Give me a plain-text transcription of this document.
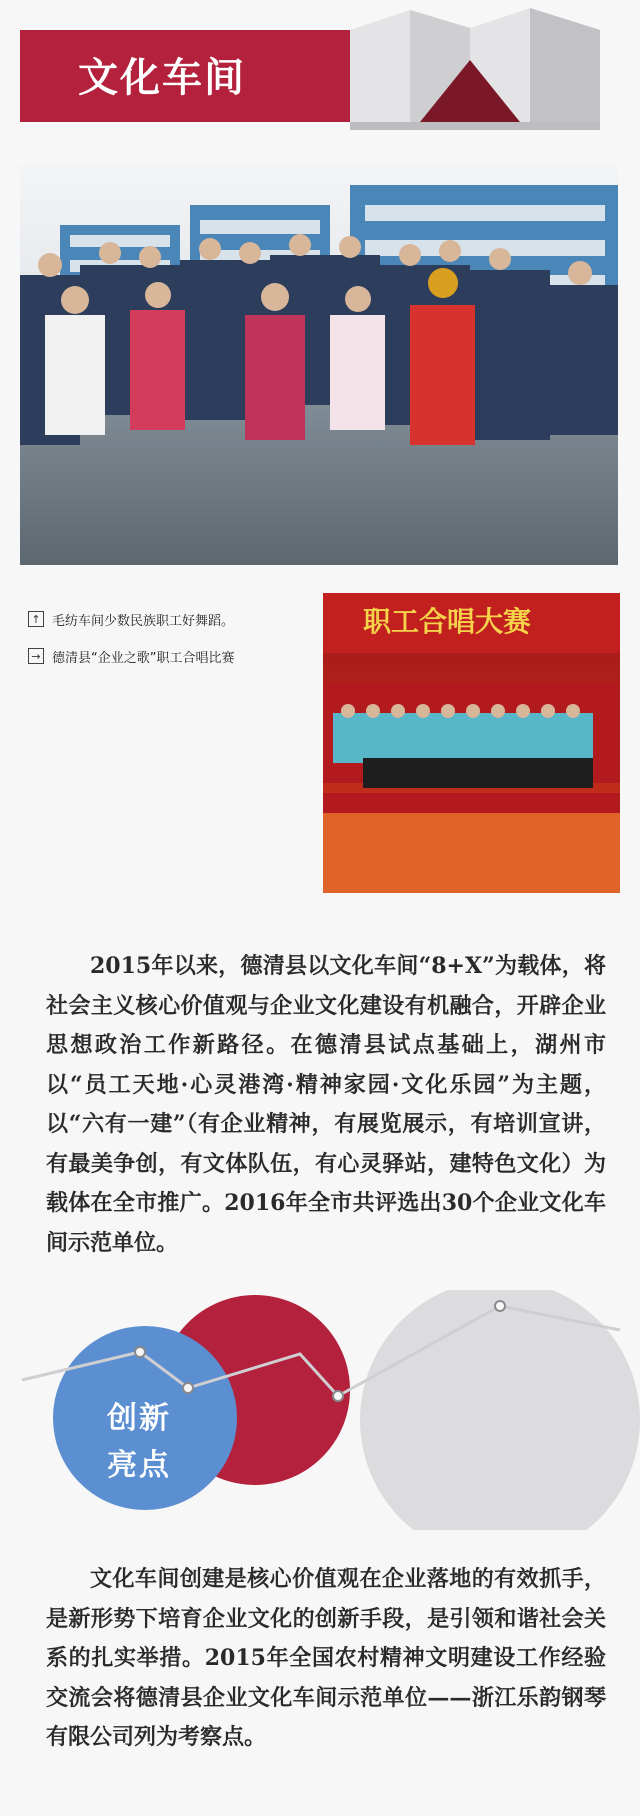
文化车间
↑ 毛纺车间少数民族职工好舞蹈。
→ 德清县“企业之歌”职工合唱比赛
职工合唱大赛

2015年以来，德清县以文化车间“8+X”为载体，将社会主义核心价值观与企业文化建设有机融合，开辟企业思想政治工作新路径。在德清县试点基础上，湖州市以“员工天地·心灵港湾·精神家园·文化乐园”为主题，以“六有一建”（有企业精神，有展览展示，有培训宣讲，有最美争创，有文体队伍，有心灵驿站，建特色文化）为载体在全市推广。2016年全市共评选出30个企业文化车间示范单位。

创新
亮点

文化车间创建是核心价值观在企业落地的有效抓手，是新形势下培育企业文化的创新手段，是引领和谐社会关系的扎实举措。2015年全国农村精神文明建设工作经验交流会将德清县企业文化车间示范单位——浙江乐韵钢琴有限公司列为考察点。
